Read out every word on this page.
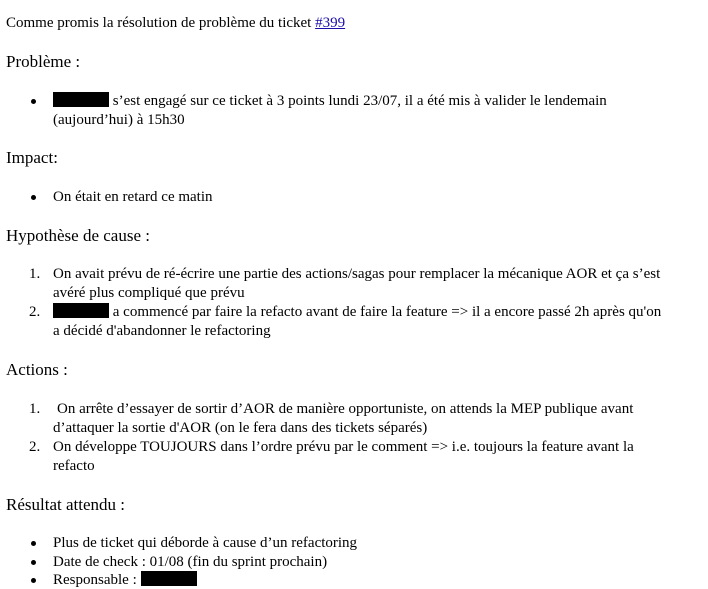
Comme promis la résolution de problème du ticket #399
Problème :
s’est engagé sur ce ticket à 3 points lundi 23/07, il a été mis à valider le lendemain
(aujourd’hui) à 15h30
Impact:
On était en retard ce matin
Hypothèse de cause :
1. On avait prévu de ré-écrire une partie des actions/sagas pour remplacer la mécanique AOR et ça s’est
avéré plus compliqué que prévu
2.	a commencé par faire la refacto avant de faire la feature => il a encore passé 2h après qu'on
a décidé d'abandonner le refactoring
Actions :
1. On arrête d’essayer de sortir d’AOR de manière opportuniste, on attends la MEP publique avant
d’attaquer la sortie d'AOR (on le fera dans des tickets séparés)
2. On développe TOUJOURS dans l’ordre prévu par le comment => i.e. toujours la feature avant la
refacto
Résultat attendu :
Plus de ticket qui déborde à cause d’un refactoring
Date de check : 01/08 (fin du sprint prochain)
Responsable :
